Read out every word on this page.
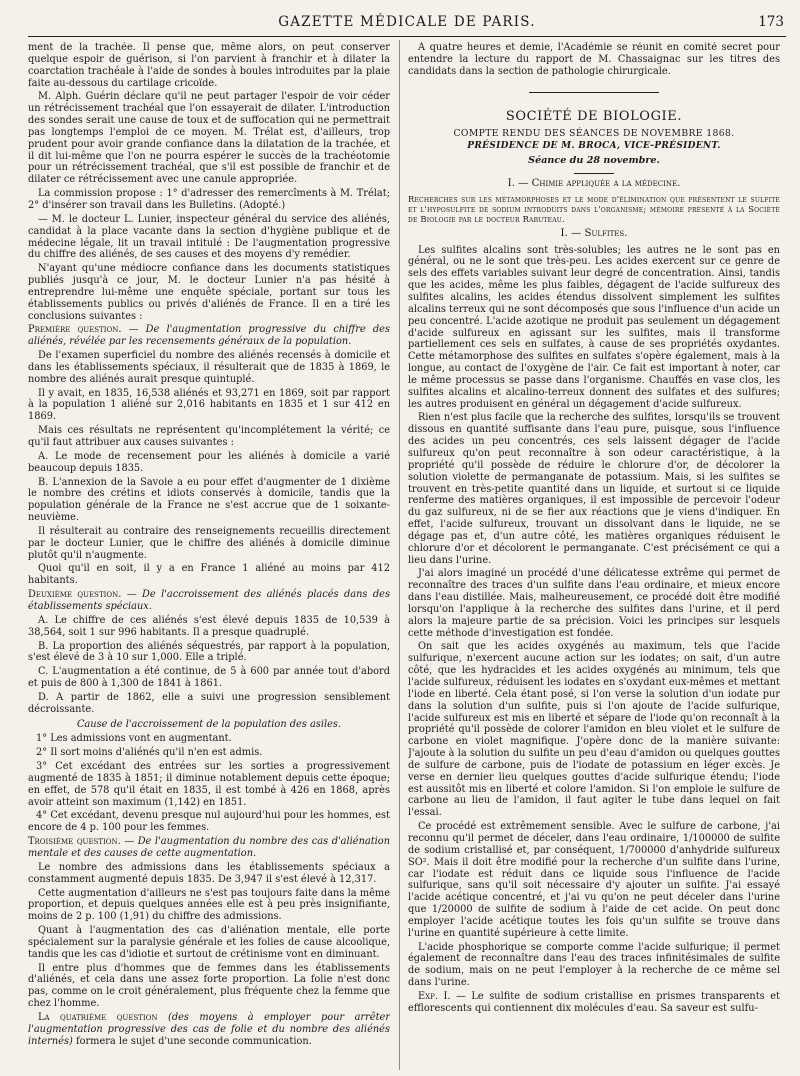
GAZETTE MÉDICALE DE PARIS.	173

ment de la trachée. Il pense que, même alors, on peut conserver quelque espoir de guérison, si l'on parvient à franchir et à dilater la coarctation trachéale à l'aide de sondes à boules introduites par la plaie faite au-dessous du cartilage cricoïde.

M. Alph. Guérin déclare qu'il ne peut partager l'espoir de voir céder un rétrécissement trachéal que l'on essayerait de dilater. L'introduction des sondes serait une cause de toux et de suffocation qui ne permettrait pas longtemps l'emploi de ce moyen. M. Trélat est, d'ailleurs, trop prudent pour avoir grande confiance dans la dilatation de la trachée, et il dit lui-même que l'on ne pourra espérer le succès de la trachéotomie pour un rétrécissement trachéal, que s'il est possible de franchir et de dilater ce rétrécissement avec une canule appropriée.

La commission propose : 1° d'adresser des remercîments à M. Trélat; 2° d'insérer son travail dans les Bulletins. (Adopté.)

— M. le docteur L. Lunier, inspecteur général du service des aliénés, candidat à la place vacante dans la section d'hygiène publique et de médecine légale, lit un travail intitulé : De l'augmentation progressive du chiffre des aliénés, de ses causes et des moyens d'y remédier.

N'ayant qu'une médiocre confiance dans les documents statistiques publiés jusqu'à ce jour, M. le docteur Lunier n'a pas hésité à entreprendre lui-même une enquête spéciale, portant sur tous les établissements publics ou privés d'aliénés de France. Il en a tiré les conclusions suivantes :

Première question. — De l'augmentation progressive du chiffre des aliénés, révélée par les recensements généraux de la population.

De l'examen superficiel du nombre des aliénés recensés à domicile et dans les établissements spéciaux, il résulterait que de 1835 à 1869, le nombre des aliénés aurait presque quintuplé.

Il y avait, en 1835, 16,538 aliénés et 93,271 en 1869, soit par rapport à la population 1 aliéné sur 2,016 habitants en 1835 et 1 sur 412 en 1869.

Mais ces résultats ne représentent qu'incomplétement la vérité; ce qu'il faut attribuer aux causes suivantes :

A. Le mode de recensement pour les aliénés à domicile a varié beaucoup depuis 1835.

B. L'annexion de la Savoie a eu pour effet d'augmenter de 1 dixième le nombre des crétins et idiots conservés à domicile, tandis que la population générale de la France ne s'est accrue que de 1 soixante-neuvième.

Il résulterait au contraire des renseignements recueillis directement par le docteur Lunier, que le chiffre des aliénés à domicile diminue plutôt qu'il n'augmente.

Quoi qu'il en soit, il y a en France 1 aliéné au moins par 412 habitants.

Deuxième question. — De l'accroissement des aliénés placés dans des établissements spéciaux.

A. Le chiffre de ces aliénés s'est élevé depuis 1835 de 10,539 à 38,564, soit 1 sur 996 habitants. Il a presque quadruplé.

B. La proportion des aliénés séquestrés, par rapport à la population, s'est élevé de 3 à 10 sur 1,000. Elle a triplé.

C. L'augmentation a été continue, de 5 à 600 par année tout d'abord et puis de 800 à 1,300 de 1841 à 1861.

D. A partir de 1862, elle a suivi une progression sensiblement décroissante.

Cause de l'accroissement de la population des asiles.

1° Les admissions vont en augmentant.

2° Il sort moins d'aliénés qu'il n'en est admis.

3° Cet excédant des entrées sur les sorties a progressivement augmenté de 1835 à 1851; il diminue notablement depuis cette époque; en effet, de 578 qu'il était en 1835, il est tombé à 426 en 1868, après avoir atteint son maximum (1,142) en 1851.

4° Cet excédant, devenu presque nul aujourd'hui pour les hommes, est encore de 4 p. 100 pour les femmes.

Troisième question. — De l'augmentation du nombre des cas d'aliénation mentale et des causes de cette augmentation.

Le nombre des admissions dans les établissements spéciaux a constamment augmenté depuis 1835. De 3,947 il s'est élevé à 12,317.

Cette augmentation d'ailleurs ne s'est pas toujours faite dans la même proportion, et depuis quelques années elle est à peu près insignifiante, moins de 2 p. 100 (1,91) du chiffre des admissions.

Quant à l'augmentation des cas d'aliénation mentale, elle porte spécialement sur la paralysie générale et les folies de cause alcoolique, tandis que les cas d'idiotie et surtout de crétinisme vont en diminuant.

Il entre plus d'hommes que de femmes dans les établissements d'aliénés, et cela dans une assez forte proportion. La folie n'est donc pas, comme on le croit généralement, plus fréquente chez la femme que chez l'homme.

La quatrième question (des moyens à employer pour arrêter l'augmentation progressive des cas de folie et du nombre des aliénés internés) formera le sujet d'une seconde communication.

A quatre heures et demie, l'Académie se réunit en comité secret pour entendre la lecture du rapport de M. Chassaignac sur les titres des candidats dans la section de pathologie chirurgicale.

SOCIÉTÉ DE BIOLOGIE.
COMPTE RENDU DES SÉANCES DE NOVEMBRE 1868.
PRÉSIDENCE DE M. BROCA, VICE-PRÉSIDENT.
Séance du 28 novembre.

I. — Chimie appliquée a la médecine.

Recherches sur les métamorphoses et le mode d'élimination que présentent le sulfite et l'hyposulfite de sodium introduits dans l'organisme; mémoire présenté à la Société de Biologie par le docteur Rabuteau.

I. — Sulfites.

Les sulfites alcalins sont très-solubles; les autres ne le sont pas en général, ou ne le sont que très-peu. Les acides exercent sur ce genre de sels des effets variables suivant leur degré de concentration. Ainsi, tandis que les acides, même les plus faibles, dégagent de l'acide sulfureux des sulfites alcalins, les acides étendus dissolvent simplement les sulfites alcalins terreux qui ne sont décomposés que sous l'influence d'un acide un peu concentré. L'acide azotique ne produit pas seulement un dégagement d'acide sulfureux en agissant sur les sulfites, mais il transforme partiellement ces sels en sulfates, à cause de ses propriétés oxydantes. Cette métamorphose des sulfites en sulfates s'opère également, mais à la longue, au contact de l'oxygène de l'air. Ce fait est important à noter, car le même processus se passe dans l'organisme. Chauffés en vase clos, les sulfites alcalins et alcalino-terreux donnent des sulfates et des sulfures; les autres produisent en général un dégagement d'acide sulfureux.

Rien n'est plus facile que la recherche des sulfites, lorsqu'ils se trouvent dissous en quantité suffisante dans l'eau pure, puisque, sous l'influence des acides un peu concentrés, ces sels laissent dégager de l'acide sulfureux qu'on peut reconnaître à son odeur caractéristique, à la propriété qu'il possède de réduire le chlorure d'or, de décolorer la solution violette de permanganate de potassium. Mais, si les sulfites se trouvent en très-petite quantité dans un liquide, et surtout si ce liquide renferme des matières organiques, il est impossible de percevoir l'odeur du gaz sulfureux, ni de se fier aux réactions que je viens d'indiquer. En effet, l'acide sulfureux, trouvant un dissolvant dans le liquide, ne se dégage pas et, d'un autre côté, les matières organiques réduisent le chlorure d'or et décolorent le permanganate. C'est précisément ce qui a lieu dans l'urine.

J'ai alors imaginé un procédé d'une délicatesse extrême qui permet de reconnaître des traces d'un sulfite dans l'eau ordinaire, et mieux encore dans l'eau distillée. Mais, malheureusement, ce procédé doit être modifié lorsqu'on l'applique à la recherche des sulfites dans l'urine, et il perd alors la majeure partie de sa précision. Voici les principes sur lesquels cette méthode d'investigation est fondée.

On sait que les acides oxygénés au maximum, tels que l'acide sulfurique, n'exercent aucune action sur les iodates; on sait, d'un autre côté, que les hydracides et les acides oxygénés au minimum, tels que l'acide sulfureux, réduisent les iodates en s'oxydant eux-mêmes et mettant l'iode en liberté. Cela étant posé, si l'on verse la solution d'un iodate pur dans la solution d'un sulfite, puis si l'on ajoute de l'acide sulfurique, l'acide sulfureux est mis en liberté et sépare de l'iode qu'on reconnaît à la propriété qu'il possède de colorer l'amidon en bleu violet et le sulfure de carbone en violet magnifique. J'opère donc de la manière suivante: J'ajoute à la solution du sulfite un peu d'eau d'amidon ou quelques gouttes de sulfure de carbone, puis de l'iodate de potassium en léger excès. Je verse en dernier lieu quelques gouttes d'acide sulfurique étendu; l'iode est aussitôt mis en liberté et colore l'amidon. Si l'on emploie le sulfure de carbone au lieu de l'amidon, il faut agiter le tube dans lequel on fait l'essai.

Ce procédé est extrêmement sensible. Avec le sulfure de carbone, j'ai reconnu qu'il permet de déceler, dans l'eau ordinaire, 1/100000 de sulfite de sodium cristallisé et, par conséquent, 1/700000 d'anhydride sulfureux SO². Mais il doit être modifié pour la recherche d'un sulfite dans l'urine, car l'iodate est réduit dans ce liquide sous l'influence de l'acide sulfurique, sans qu'il soit nécessaire d'y ajouter un sulfite. J'ai essayé l'acide acétique concentré, et j'ai vu qu'on ne peut déceler dans l'urine que 1/20000 de sulfite de sodium à l'aide de cet acide. On peut donc employer l'acide acétique toutes les fois qu'un sulfite se trouve dans l'urine en quantité supérieure à cette limite.

L'acide phosphorique se comporte comme l'acide sulfurique; il permet également de reconnaître dans l'eau des traces infinitésimales de sulfite de sodium, mais on ne peut l'employer à la recherche de ce même sel dans l'urine.

Exp. I. — Le sulfite de sodium cristallise en prismes transparents et efflorescents qui contiennent dix molécules d'eau. Sa saveur est sulfu-
